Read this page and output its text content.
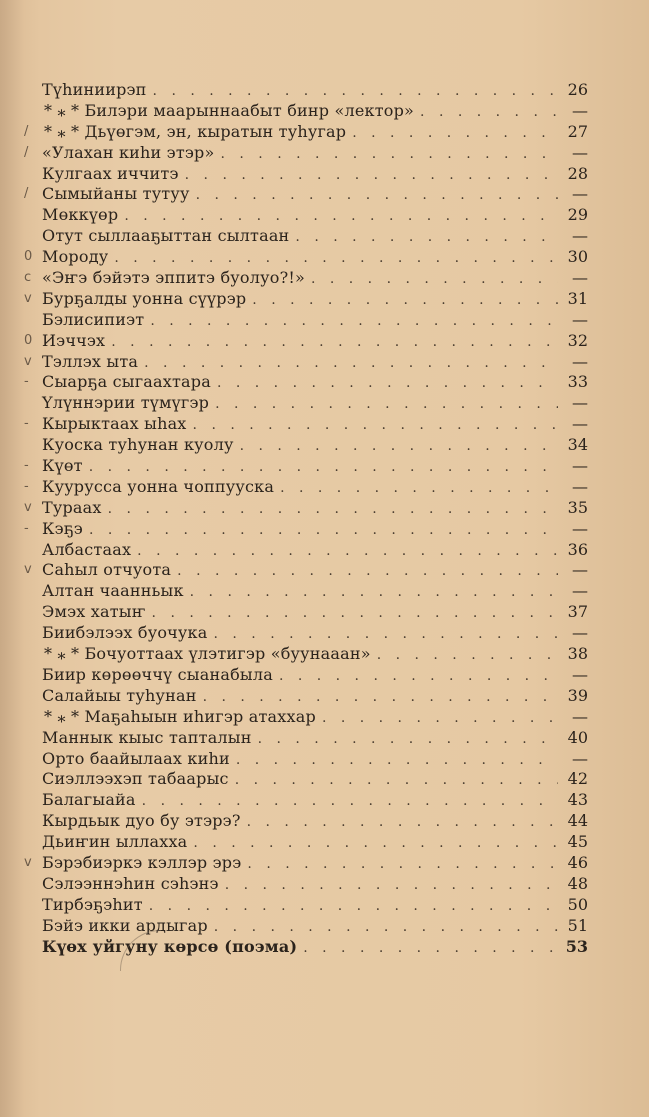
Түһиниирэп . . .	26
* ⁎ * Билэри маарыннаабыт бинр «лектор» . . .	—
/ * ⁎ * Дьүөгэм, эн, кыратын туһугар . . .	27
/ «Улахан киһи этэр» . . .	—
Кулгаах иччитэ . . .	28
/ Сымыйаны тутуу . . .	—
Мөккүөр . . .	29
Отут сыллааҕыттан сылтаан . . .	—
0 Мороду . . .	30
c «Эҥэ бэйэтэ эппитэ буолуо?!» . . .	—
v Бурҕалды уонна сүүрэр . . .	31
Бэлисипиэт . . .	—
0 Иэччэх . . .	32
v Тэллэх ыта . . .	—
- Сыарҕа сыгаахтара . . .	33
Үлүннэрии түмүгэр . . .	—
- Кырыктаах ыһах . . .	—
Куоска туһунан куолу . . .	34
- Күөт . . .	—
- Куурусса уонна чоппууска . . .	—
v Тураах . . .	35
- Кэҕэ . . .	—
Албастаах . . .	36
v Саһыл отчуота . . .	—
Алтан чаанньык . . .	—
Эмэх хатыҥ . . .	37
Биибэлээх буочука . . .	—
* ⁎ * Бочуоттаах үлэтигэр «буунааан» . . .	38
Биир көрөөччү сыанабыла . . .	—
Салайыы туһунан . . .	39
* ⁎ * Маҕаһыын иһигэр атаххар . . .	—
Маннык кыыс тапталын . . .	40
Орто баайылаах киһи . . .	—
Сиэллээхэп табаарыс . . .	42
Балагыайа . . .	43
Кырдьык дуо бу этэрэ? . . .	44
Дьиҥин ыллахха . . .	45
v Бэрэбиэркэ кэллэр эрэ . . .	46
Сэлээннэһин сэһэнэ . . .	48
Тирбэҕэһит . . .	50
Бэйэ икки ардыгар . . .	51
Күөх уйгуну көрсө (поэма) . . .	53
